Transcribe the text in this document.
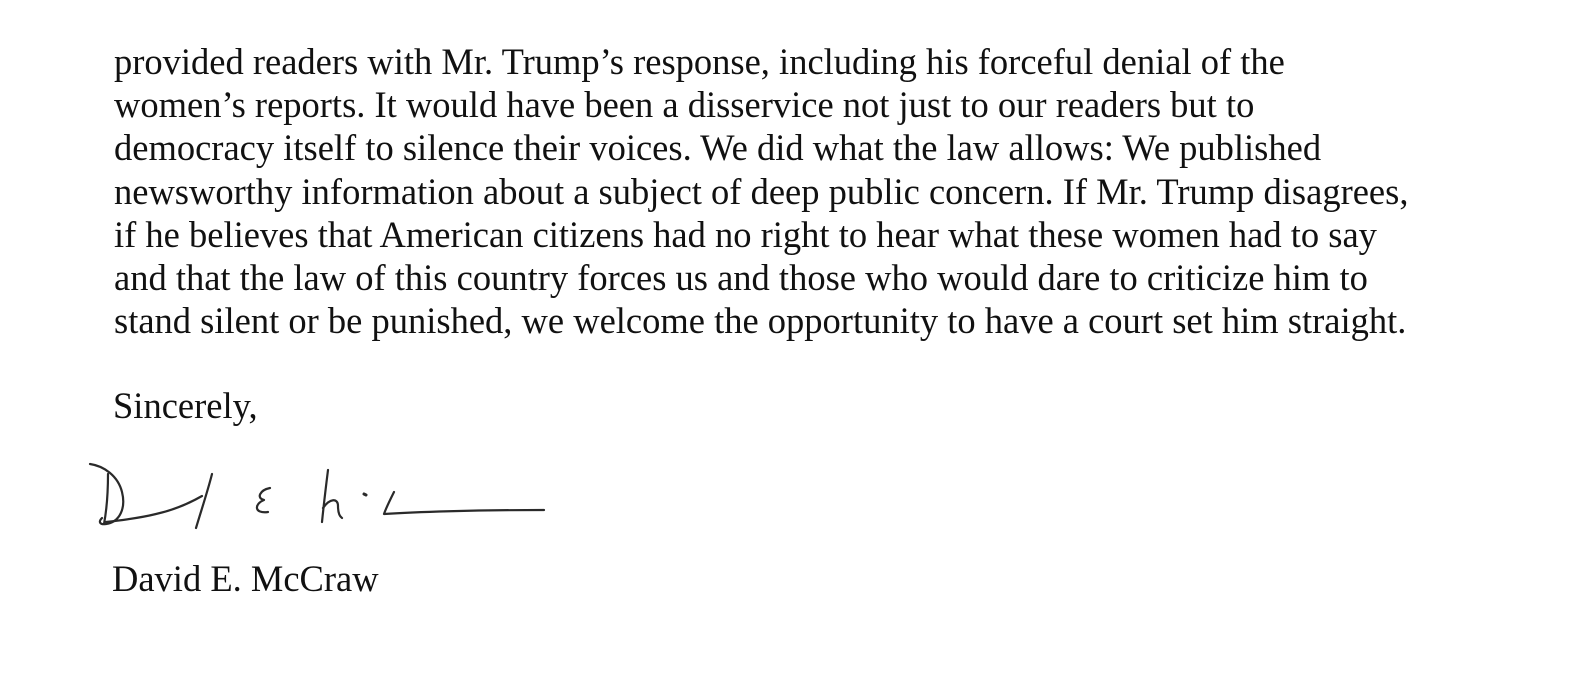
provided readers with Mr. Trump’s response, including his forceful denial of the
women’s reports. It would have been a disservice not just to our readers but to
democracy itself to silence their voices. We did what the law allows: We published
newsworthy information about a subject of deep public concern. If Mr. Trump disagrees,
if he believes that American citizens had no right to hear what these women had to say
and that the law of this country forces us and those who would dare to criticize him to
stand silent or be punished, we welcome the opportunity to have a court set him straight.

Sincerely,

David E. McCraw
